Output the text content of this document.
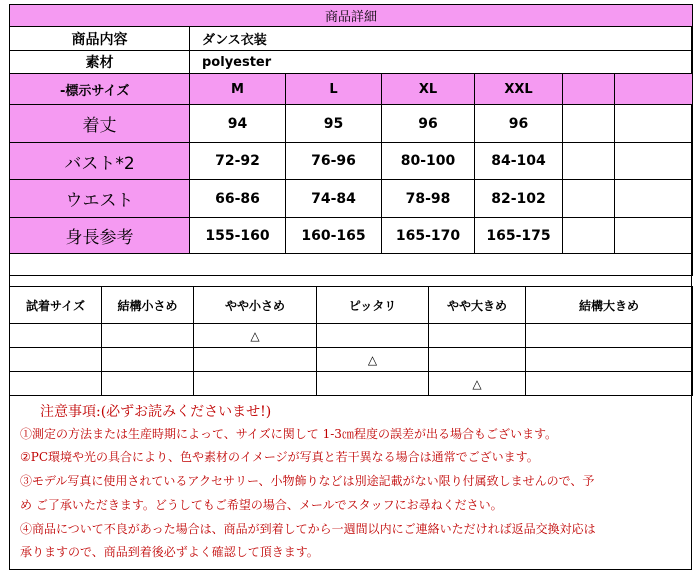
商品詳細						
商品内容	ダンス衣装					
素材	polyester					
-標示サイズ	M	L	XL	XXL		
着丈	94	95	96	96		
バスト*2	72-92	76-96	80-100	84-104		
ウエスト	66-86	74-84	78-98	82-102		
身長参考	155-160	160-165	165-170	165-175		

試着サイズ	結構小さめ	やや小さめ	ピッタリ	やや大きめ	結構大きめ
		△			
			△		
				△	
注意事項:(必ずお読みくださいませ!)
①測定の方法または生産時期によって、サイズに関して 1-3㎝程度の誤差が出る場合もございます。
②PC環境や光の具合により、色や素材のイメージが写真と若干異なる場合は通常でございます。
③モデル写真に使用されているアクセサリー、小物飾りなどは別途記載がない限り付属致しませんので、予
め ご了承いただきます。どうしてもご希望の場合、メールでスタッフにお尋ねください。
④商品について不良があった場合は、商品が到着してから一週間以内にご連絡いただければ返品交換対応は
承りますので、商品到着後必ずよく確認して頂きます。
